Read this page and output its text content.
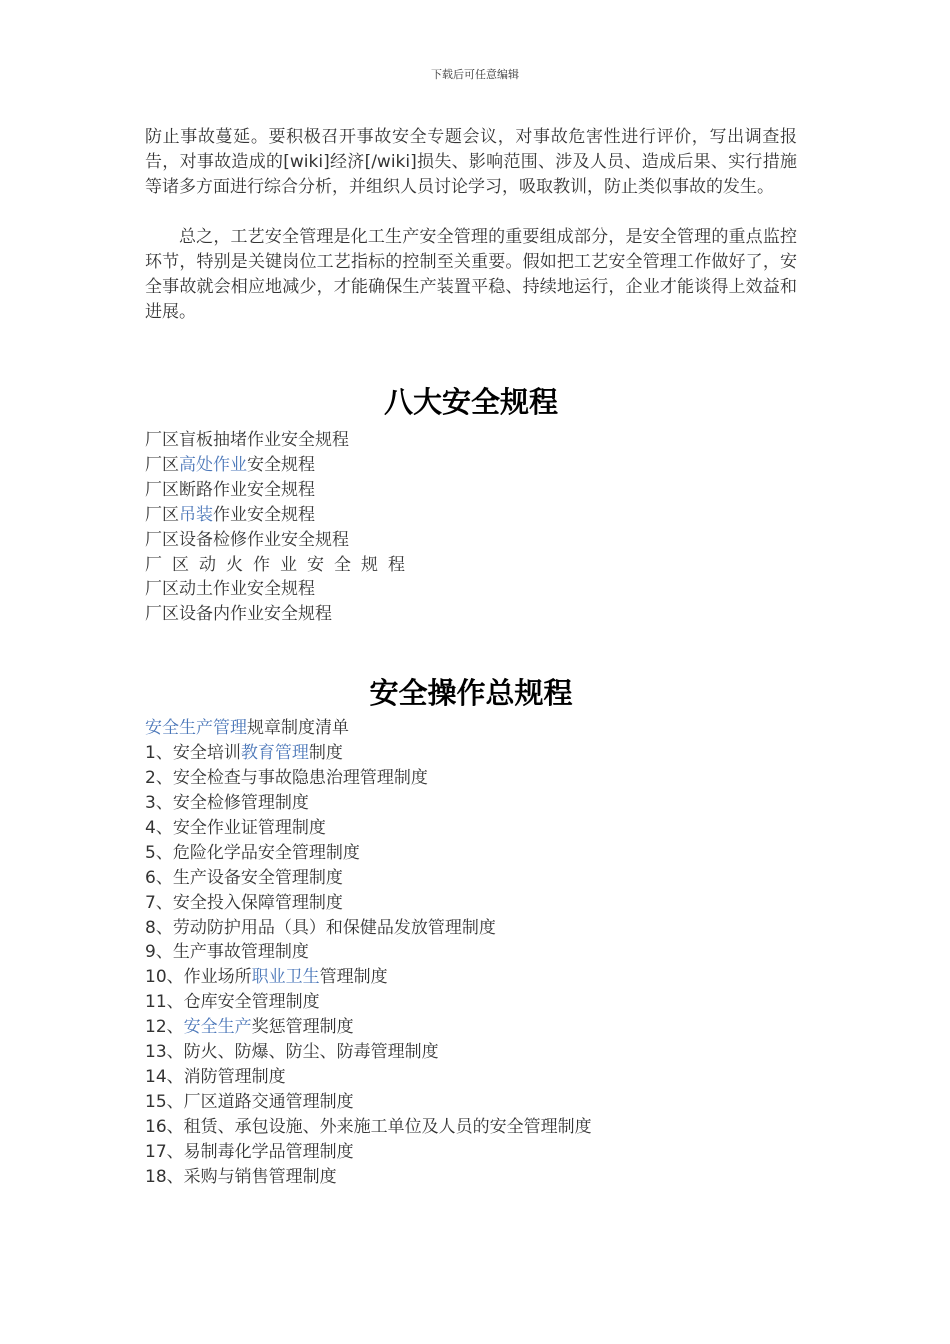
下载后可任意编辑

防止事故蔓延。要积极召开事故安全专题会议，对事故危害性进行评价，写出调查报告，对事故造成的[wiki]经济[/wiki]损失、影响范围、涉及人员、造成后果、实行措施等诸多方面进行综合分析，并组织人员讨论学习，吸取教训，防止类似事故的发生。

总之，工艺安全管理是化工生产安全管理的重要组成部分，是安全管理的重点监控环节，特别是关键岗位工艺指标的控制至关重要。假如把工艺安全管理工作做好了，安全事故就会相应地减少，才能确保生产装置平稳、持续地运行，企业才能谈得上效益和进展。

八大安全规程
厂区盲板抽堵作业安全规程
厂区高处作业安全规程
厂区断路作业安全规程
厂区吊装作业安全规程
厂区设备检修作业安全规程
厂区动火作业安全规程
厂区动土作业安全规程
厂区设备内作业安全规程
安全操作总规程
安全生产管理规章制度清单
1、安全培训教育管理制度
2、安全检查与事故隐患治理管理制度
3、安全检修管理制度
4、安全作业证管理制度
5、危险化学品安全管理制度
6、生产设备安全管理制度
7、安全投入保障管理制度
8、劳动防护用品（具）和保健品发放管理制度
9、生产事故管理制度
10、作业场所职业卫生管理制度
11、仓库安全管理制度
12、安全生产奖惩管理制度
13、防火、防爆、防尘、防毒管理制度
14、消防管理制度
15、厂区道路交通管理制度
16、租赁、承包设施、外来施工单位及人员的安全管理制度
17、易制毒化学品管理制度
18、采购与销售管理制度
